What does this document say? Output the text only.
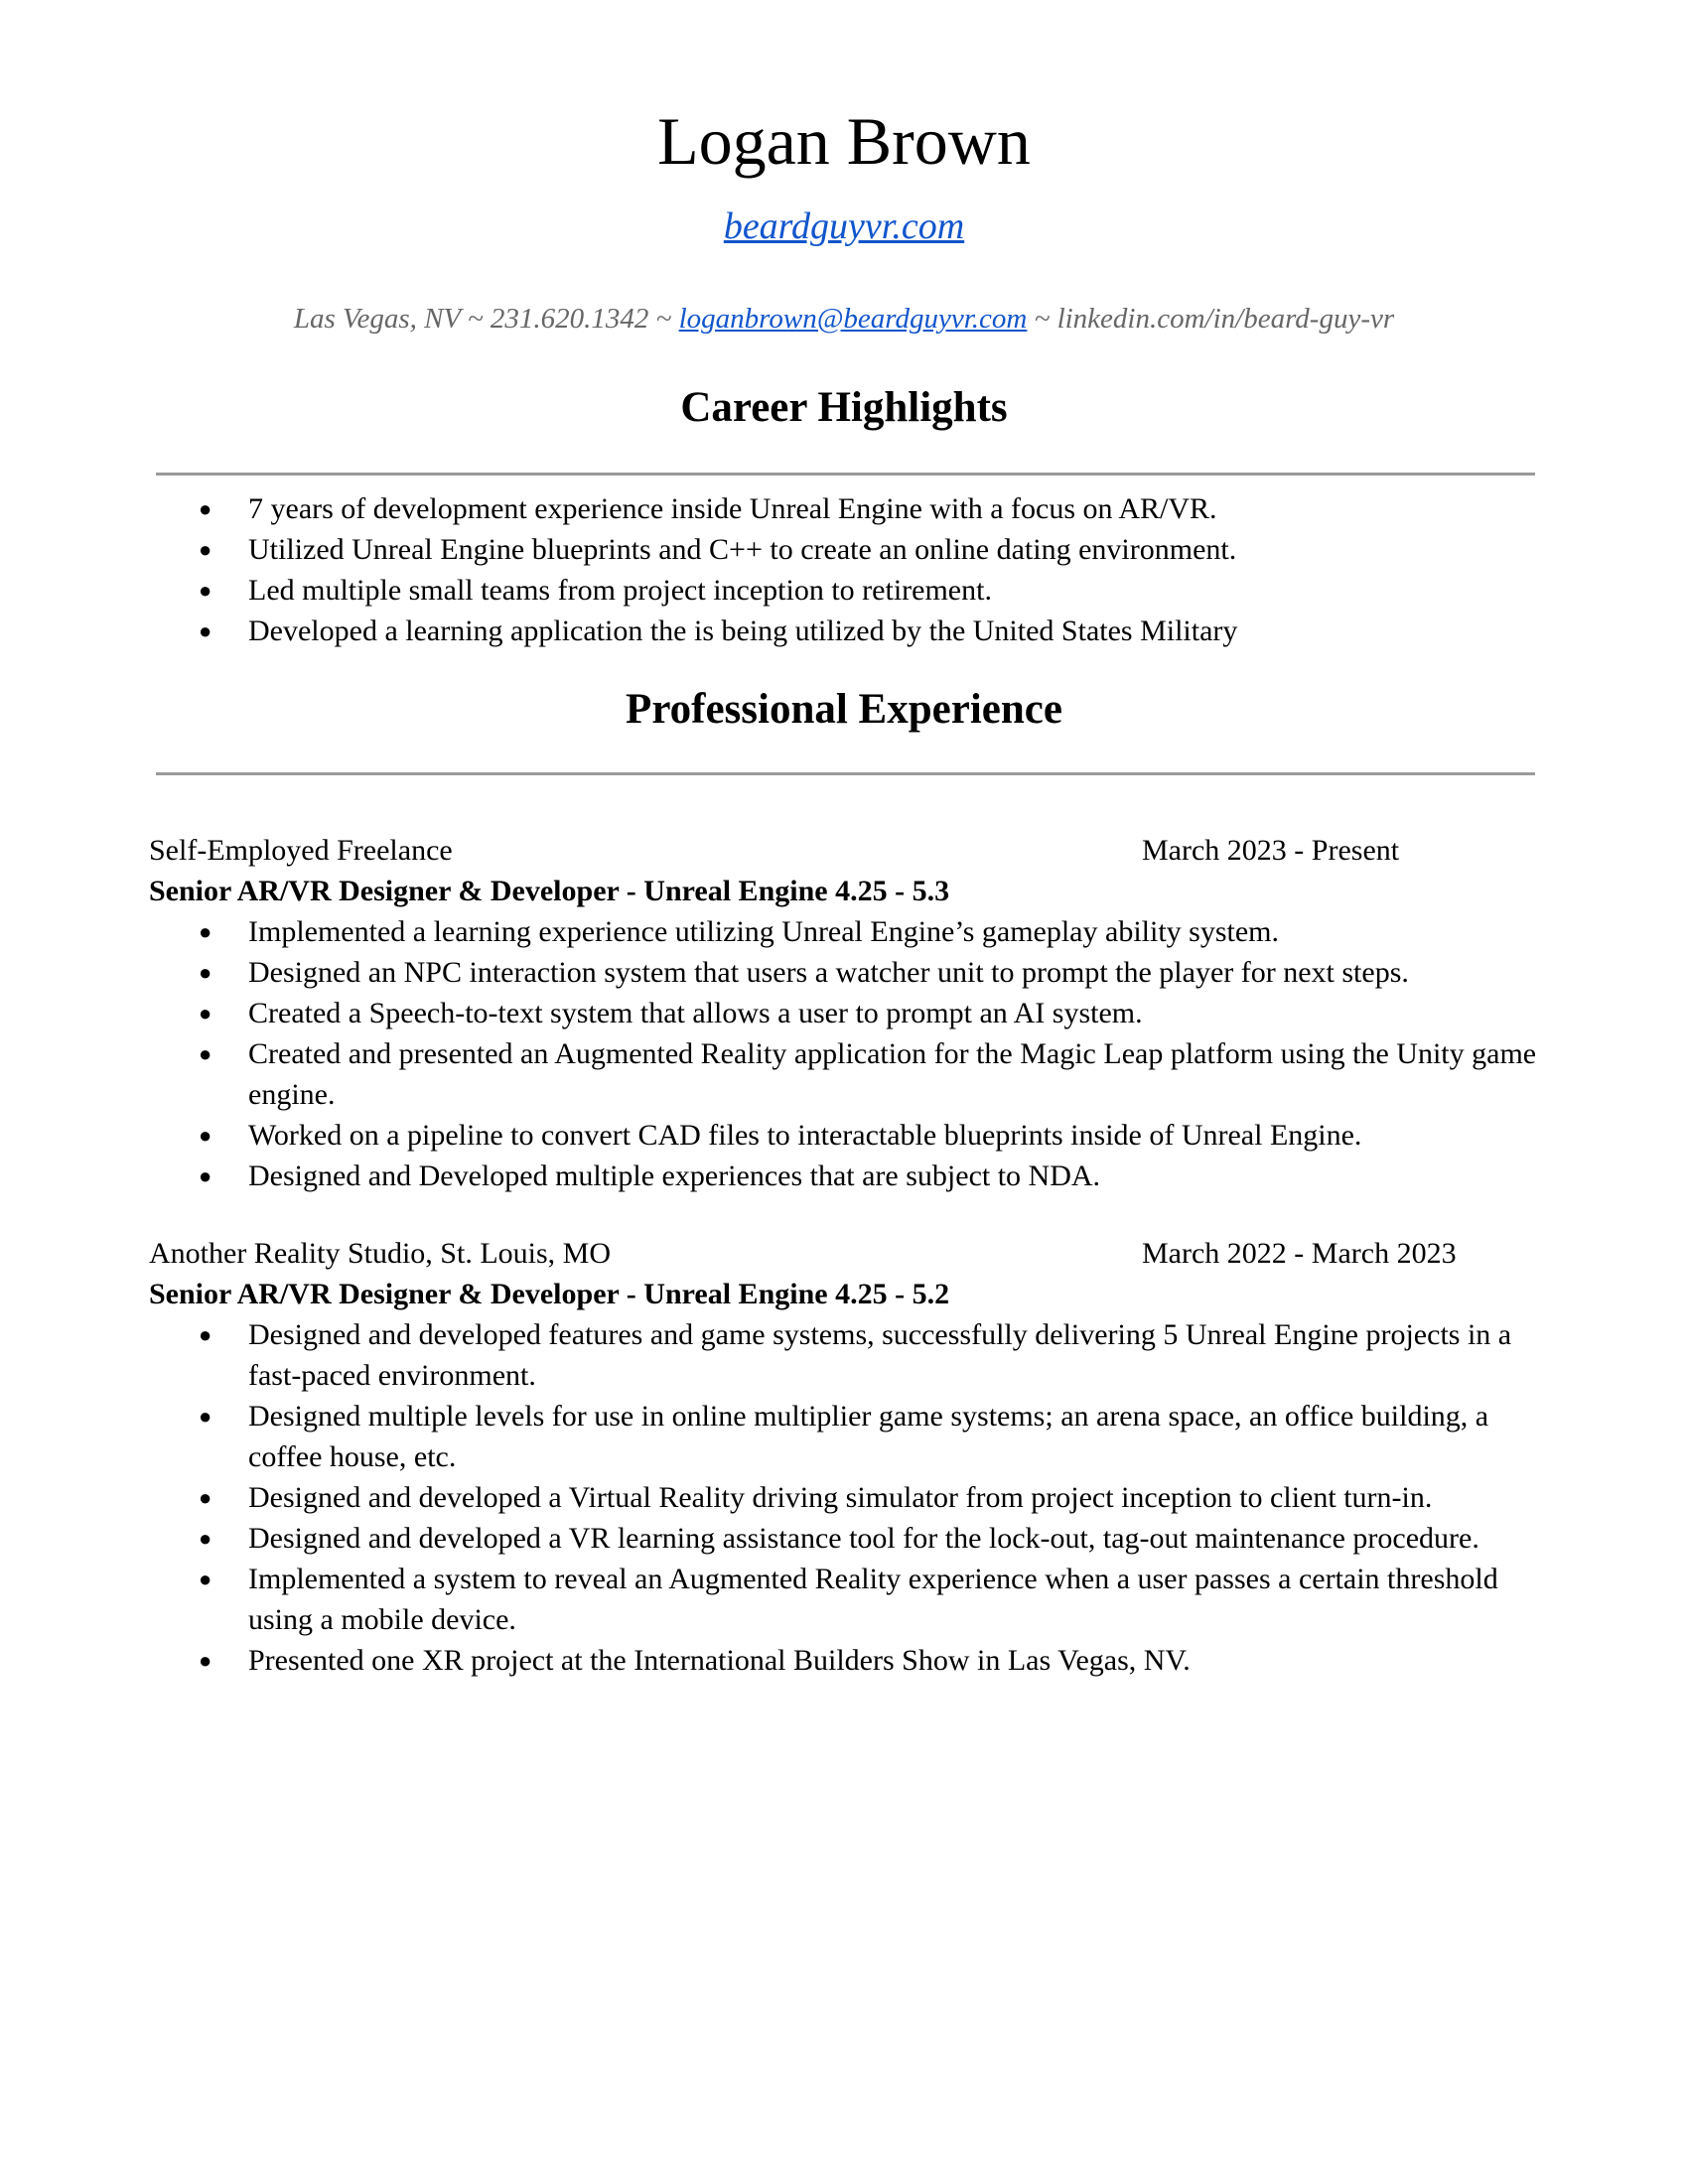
Logan Brown
beardguyvr.com
Las Vegas, NV ~ 231.620.1342 ~ loganbrown@beardguyvr.com ~ linkedin.com/in/beard-guy-vr
Career Highlights
● 7 years of development experience inside Unreal Engine with a focus on AR/VR.
● Utilized Unreal Engine blueprints and C++ to create an online dating environment.
● Led multiple small teams from project inception to retirement.
● Developed a learning application the is being utilized by the United States Military
Professional Experience
Self-Employed Freelance	March 2023 - Present
Senior AR/VR Designer & Developer - Unreal Engine 4.25 - 5.3
● Implemented a learning experience utilizing Unreal Engine’s gameplay ability system.
● Designed an NPC interaction system that users a watcher unit to prompt the player for next steps.
● Created a Speech-to-text system that allows a user to prompt an AI system.
● Created and presented an Augmented Reality application for the Magic Leap platform using the Unity game engine.
● Worked on a pipeline to convert CAD files to interactable blueprints inside of Unreal Engine.
● Designed and Developed multiple experiences that are subject to NDA.
Another Reality Studio, St. Louis, MO	March 2022 - March 2023
Senior AR/VR Designer & Developer - Unreal Engine 4.25 - 5.2
● Designed and developed features and game systems, successfully delivering 5 Unreal Engine projects in a fast-paced environment.
● Designed multiple levels for use in online multiplier game systems; an arena space, an office building, a coffee house, etc.
● Designed and developed a Virtual Reality driving simulator from project inception to client turn-in.
● Designed and developed a VR learning assistance tool for the lock-out, tag-out maintenance procedure.
● Implemented a system to reveal an Augmented Reality experience when a user passes a certain threshold using a mobile device.
● Presented one XR project at the International Builders Show in Las Vegas, NV.
